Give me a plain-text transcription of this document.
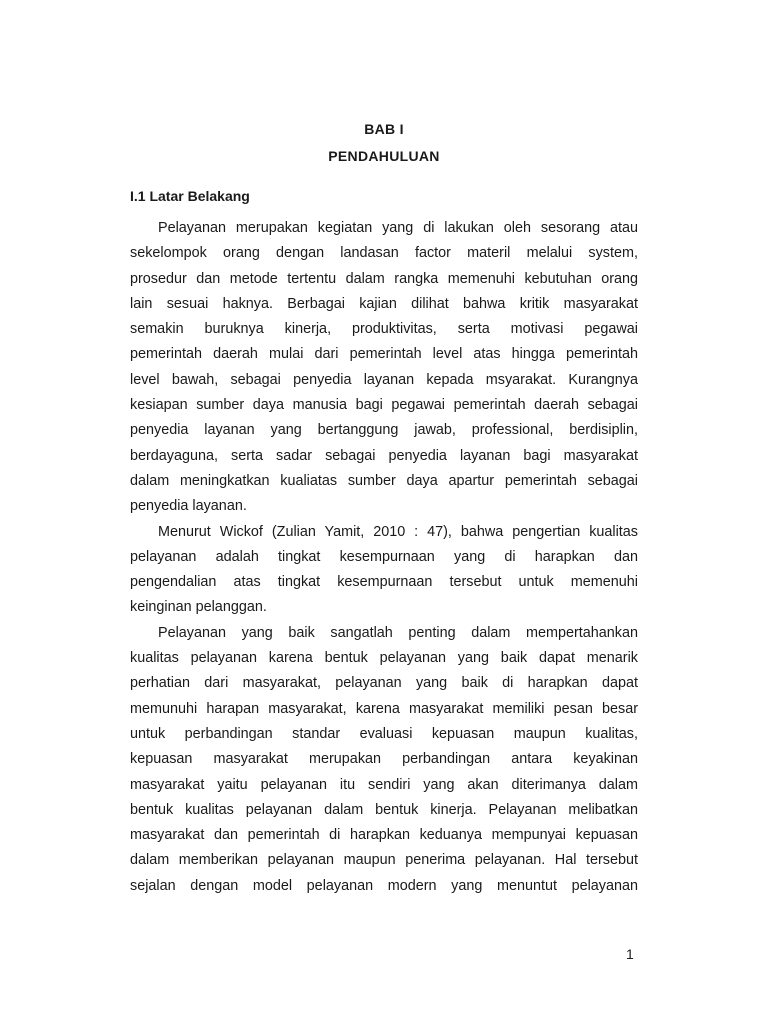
BAB I
PENDAHULUAN
I.1 Latar Belakang
Pelayanan merupakan kegiatan yang di lakukan oleh sesorang atau
sekelompok orang dengan landasan factor materil melalui system,
prosedur dan metode tertentu dalam rangka memenuhi kebutuhan orang
lain sesuai haknya. Berbagai kajian dilihat bahwa kritik masyarakat
semakin buruknya kinerja, produktivitas, serta motivasi pegawai
pemerintah daerah mulai dari pemerintah level atas hingga pemerintah
level bawah, sebagai penyedia layanan kepada msyarakat. Kurangnya
kesiapan sumber daya manusia bagi pegawai pemerintah daerah sebagai
penyedia layanan yang bertanggung jawab, professional, berdisiplin,
berdayaguna, serta sadar sebagai penyedia layanan bagi masyarakat
dalam meningkatkan kualiatas sumber daya apartur pemerintah sebagai
penyedia layanan.
Menurut Wickof (Zulian Yamit, 2010 : 47), bahwa pengertian kualitas
pelayanan adalah tingkat kesempurnaan yang di harapkan dan
pengendalian atas tingkat kesempurnaan tersebut untuk memenuhi
keinginan pelanggan.
Pelayanan yang baik sangatlah penting dalam mempertahankan
kualitas pelayanan karena bentuk pelayanan yang baik dapat menarik
perhatian dari masyarakat, pelayanan yang baik di harapkan dapat
memunuhi harapan masyarakat, karena masyarakat memiliki pesan besar
untuk perbandingan standar evaluasi kepuasan maupun kualitas,
kepuasan masyarakat merupakan perbandingan antara keyakinan
masyarakat yaitu pelayanan itu sendiri yang akan diterimanya dalam
bentuk kualitas pelayanan dalam bentuk kinerja. Pelayanan melibatkan
masyarakat dan pemerintah di harapkan keduanya mempunyai kepuasan
dalam memberikan pelayanan maupun penerima pelayanan. Hal tersebut
sejalan dengan model pelayanan modern yang menuntut pelayanan
1
